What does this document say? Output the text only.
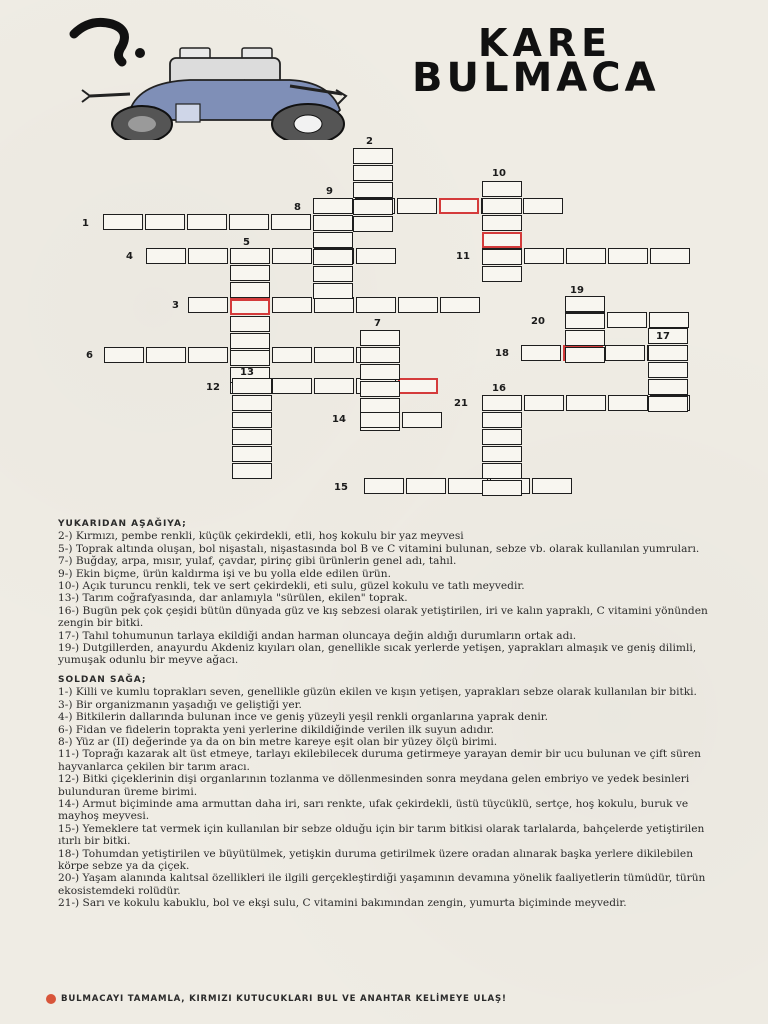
KARE
BULMACA
1
8
4	11
3
6
12
21
15
18
20
9
2
10
5
7
13
14
16
19
17
YUKARIDAN AŞAĞIYA;

2-) Kırmızı, pembe renkli, küçük çekirdekli, etli, hoş kokulu bir yaz meyvesi

5-) Toprak altında oluşan, bol nişastalı, nişastasında bol B ve C vitamini bulunan, sebze vb. olarak kullanılan yumruları.

7-) Buğday, arpa, mısır, yulaf, çavdar, pirinç gibi ürünlerin genel adı, tahıl.

9-) Ekin biçme, ürün kaldırma işi ve bu yolla elde edilen ürün.

10-) Açık turuncu renkli, tek ve sert çekirdekli, eti sulu, güzel kokulu ve tatlı meyvedir.

13-) Tarım coğrafyasında, dar anlamıyla "sürülen, ekilen" toprak.

16-) Bugün pek çok çeşidi bütün dünyada güz ve kış sebzesi olarak yetiştirilen, iri ve kalın yapraklı, C vitamini yönünden zengin bir bitki.

17-) Tahıl tohumunun tarlaya ekildiği andan harman oluncaya değin aldığı durumların ortak adı.

19-) Dutgillerden, anayurdu Akdeniz kıyıları olan, genellikle sıcak yerlerde yetişen, yaprakları almaşık ve geniş dilimli, yumuşak odunlu bir meyve ağacı.

SOLDAN SAĞA;

1-) Killi ve kumlu toprakları seven, genellikle güzün ekilen ve kışın yetişen, yaprakları sebze olarak kullanılan bir bitki.

3-) Bir organizmanın yaşadığı ve geliştiği yer.

4-) Bitkilerin dallarında bulunan ince ve geniş yüzeyli yeşil renkli organlarına yaprak denir.

6-) Fidan ve fidelerin toprakta yeni yerlerine dikildiğinde verilen ilk suyun adıdır.

8-) Yüz ar (II) değerinde ya da on bin metre kareye eşit olan bir yüzey ölçü birimi.

11-) Toprağı kazarak alt üst etmeye, tarlayı ekilebilecek duruma getirmeye yarayan demir bir ucu bulunan ve çift süren hayvanlarca çekilen bir tarım aracı.

12-) Bitki çiçeklerinin dişi organlarının tozlanma ve döllenmesinden sonra meydana gelen embriyo ve yedek besinleri bulunduran üreme birimi.

14-) Armut biçiminde ama armuttan daha iri, sarı renkte, ufak çekirdekli, üstü tüycüklü, sertçe, hoş kokulu, buruk ve mayhoş meyvesi.

15-) Yemeklere tat vermek için kullanılan bir sebze olduğu için bir tarım bitkisi olarak tarlalarda, bahçelerde yetiştirilen ıtırlı bir bitki.

18-) Tohumdan yetiştirilen ve büyütülmek, yetişkin duruma getirilmek üzere oradan alınarak başka yerlere dikilebilen körpe sebze ya da çiçek.

20-) Yaşam alanında kalıtsal özellikleri ile ilgili gerçekleştirdiği yaşamının devamına yönelik faaliyetlerin tümüdür, türün ekosistemdeki rolüdür.

21-) Sarı ve kokulu kabuklu, bol ve ekşi sulu, C vitamini bakımından zengin, yumurta biçiminde meyvedir.

BULMACAYI TAMAMLA, KIRMIZI KUTUCUKLARI BUL VE ANAHTAR KELİMEYE ULAŞ!
